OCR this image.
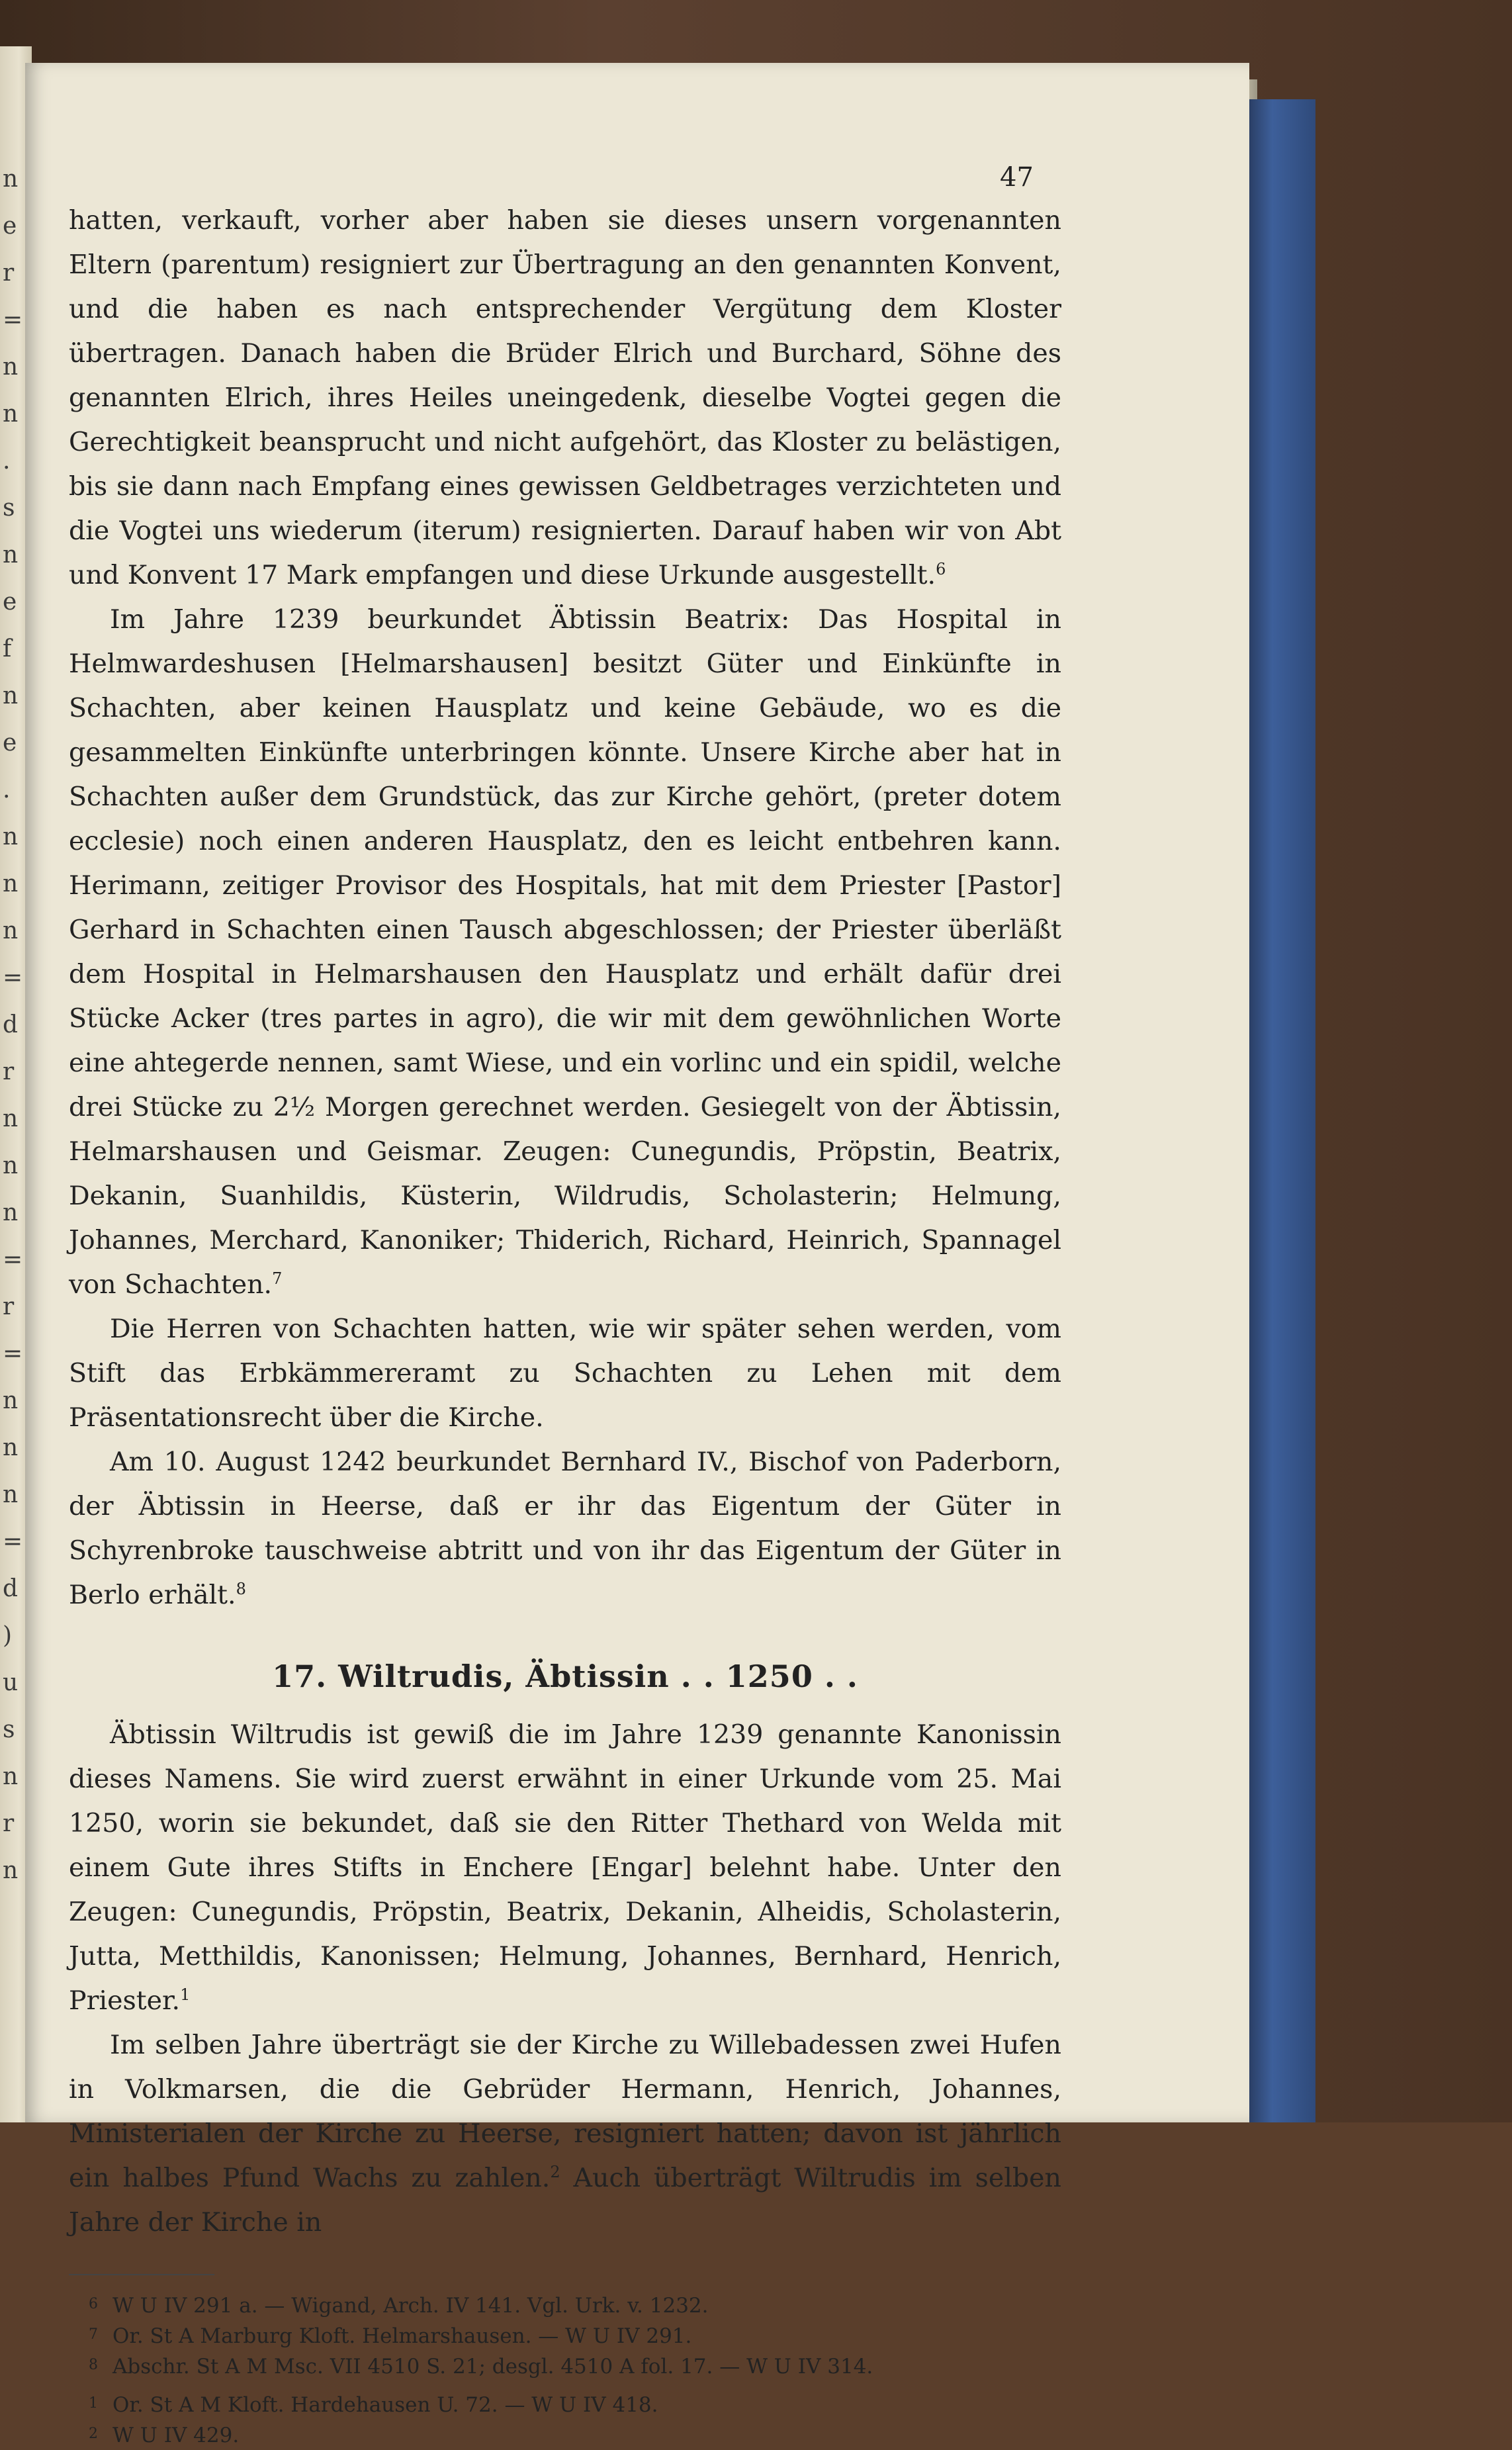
n
e
r
=
n
n
.
s
n
e
f
n
e
.
n
n
n
=
d
r
n
n
n
=
r
=
n
n
n
=
d
)
u
s
n
r
n
47

hatten, verkauft, vorher aber haben sie dieses unsern vorgenannten Eltern (parentum) resigniert zur Übertragung an den genannten Konvent, und die haben es nach entsprechender Vergütung dem Kloster übertragen. Danach haben die Brüder Elrich und Burchard, Söhne des genannten Elrich, ihres Heiles uneingedenk, dieselbe Vogtei gegen die Gerechtigkeit beansprucht und nicht aufgehört, das Kloster zu belästigen, bis sie dann nach Empfang eines gewissen Geldbetrages verzichteten und die Vogtei uns wiederum (iterum) resignierten. Darauf haben wir von Abt und Konvent 17 Mark empfangen und diese Urkunde ausgestellt.$^6$

Im Jahre 1239 beurkundet Äbtissin Beatrix: Das Hospital in Helmwardeshusen [Helmarshausen] besitzt Güter und Einkünfte in Schachten, aber keinen Hausplatz und keine Gebäude, wo es die gesammelten Einkünfte unterbringen könnte. Unsere Kirche aber hat in Schachten außer dem Grundstück, das zur Kirche gehört, (preter dotem ecclesie) noch einen anderen Hausplatz, den es leicht entbehren kann. Herimann, zeitiger Provisor des Hospitals, hat mit dem Priester [Pastor] Gerhard in Schachten einen Tausch abgeschlossen; der Priester überläßt dem Hospital in Helmarshausen den Hausplatz und erhält dafür drei Stücke Acker (tres partes in agro), die wir mit dem gewöhnlichen Worte eine ahtegerde nennen, samt Wiese, und ein vorlinc und ein spidil, welche drei Stücke zu 2½ Morgen gerechnet werden. Gesiegelt von der Äbtissin, Helmarshausen und Geismar. Zeugen: Cunegundis, Pröpstin, Beatrix, Dekanin, Suanhildis, Küsterin, Wildrudis, Scholasterin; Helmung, Johannes, Merchard, Kanoniker; Thiderich, Richard, Heinrich, Spannagel von Schachten.$^7$

Die Herren von Schachten hatten, wie wir später sehen werden, vom Stift das Erbkämmereramt zu Schachten zu Lehen mit dem Präsentationsrecht über die Kirche.

Am 10. August 1242 beurkundet Bernhard IV., Bischof von Paderborn, der Äbtissin in Heerse, daß er ihr das Eigentum der Güter in Schyrenbroke tauschweise abtritt und von ihr das Eigentum der Güter in Berlo erhält.$^8$

17. Wiltrudis, Äbtissin . . 1250 . .

Äbtissin Wiltrudis ist gewiß die im Jahre 1239 genannte Kanonissin dieses Namens. Sie wird zuerst erwähnt in einer Urkunde vom 25. Mai 1250, worin sie bekundet, daß sie den Ritter Thethard von Welda mit einem Gute ihres Stifts in Enchere [Engar] belehnt habe. Unter den Zeugen: Cunegundis, Pröpstin, Beatrix, Dekanin, Alheidis, Scholasterin, Jutta, Metthildis, Kanonissen; Helmung, Johannes, Bernhard, Henrich, Priester.$^1$

Im selben Jahre überträgt sie der Kirche zu Willebadessen zwei Hufen in Volkmarsen, die die Gebrüder Hermann, Henrich, Johannes, Ministerialen der Kirche zu Heerse, resigniert hatten; davon ist jährlich ein halbes Pfund Wachs zu zahlen.$^2$ Auch überträgt Wiltrudis im selben Jahre der Kirche in

6 W U IV 291 a. — Wigand, Arch. IV 141. Vgl. Urk. v. 1232.

7 Or. St A Marburg Kloft. Helmarshausen. — W U IV 291.

8 Abschr. St A M Msc. VII 4510 S. 21; desgl. 4510 A fol. 17. — W U IV 314.

1 Or. St A M Kloft. Hardehausen U. 72. — W U IV 418.

2 W U IV 429.
